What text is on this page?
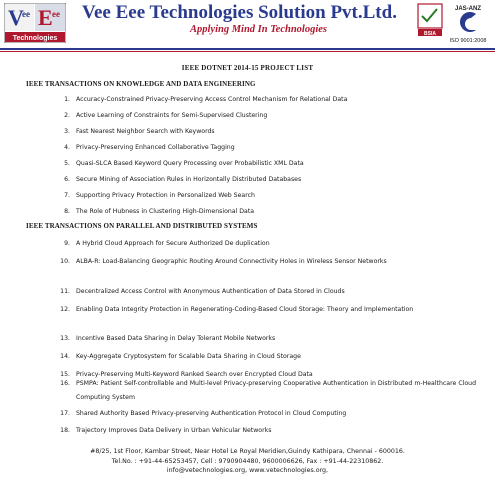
V
ee E ee
Technologies
Vee Eee Technologies Solution Pvt.Ltd.
Applying Mind In Technologies	BSIA
JAS-ANZ
ISO 9001:2008
IEEE DOTNET 2014-15 PROJECT LIST
IEEE TRANSACTIONS ON KNOWLEDGE AND DATA ENGINEERING
1. Accuracy-Constrained Privacy-Preserving Access Control Mechanism for Relational Data
2. Active Learning of Constraints for Semi-Supervised Clustering
3. Fast Nearest Neighbor Search with Keywords
4. Privacy-Preserving Enhanced Collaborative Tagging
5. Quasi-SLCA Based Keyword Query Processing over Probabilistic XML Data
6. Secure Mining of Association Rules in Horizontally Distributed Databases
7. Supporting Privacy Protection in Personalized Web Search
8. The Role of Hubness in Clustering High-Dimensional Data
IEEE TRANSACTIONS ON PARALLEL AND DISTRIBUTED SYSTEMS
9. A Hybrid Cloud Approach for Secure Authorized De duplication
10. ALBA-R: Load-Balancing Geographic Routing Around Connectivity Holes in Wireless Sensor Networks
11. Decentralized Access Control with Anonymous Authentication of Data Stored in Clouds
12. Enabling Data Integrity Protection in Regenerating-Coding-Based Cloud Storage: Theory and Implementation
13. Incentive Based Data Sharing in Delay Tolerant Mobile Networks
14. Key-Aggregate Cryptosystem for Scalable Data Sharing in Cloud Storage
15. Privacy-Preserving Multi-Keyword Ranked Search over Encrypted Cloud Data
16. PSMPA: Patient Self-controllable and Multi-level Privacy-preserving Cooperative Authentication in Distributed m-Healthcare Cloud Computing System
17. Shared Authority Based Privacy-preserving Authentication Protocol in Cloud Computing
18. Trajectory Improves Data Delivery in Urban Vehicular Networks
#8/25, 1st Floor, Kambar Street, Near Hotel Le Royal Meridien,Guindy Kathipara, Chennai - 600016.
Tel.No. : +91-44-65253457, Cell : 9790904480, 9600006626, Fax : +91-44-22310862.
info@vetechnologies.org, www.vetechnologies.org,
